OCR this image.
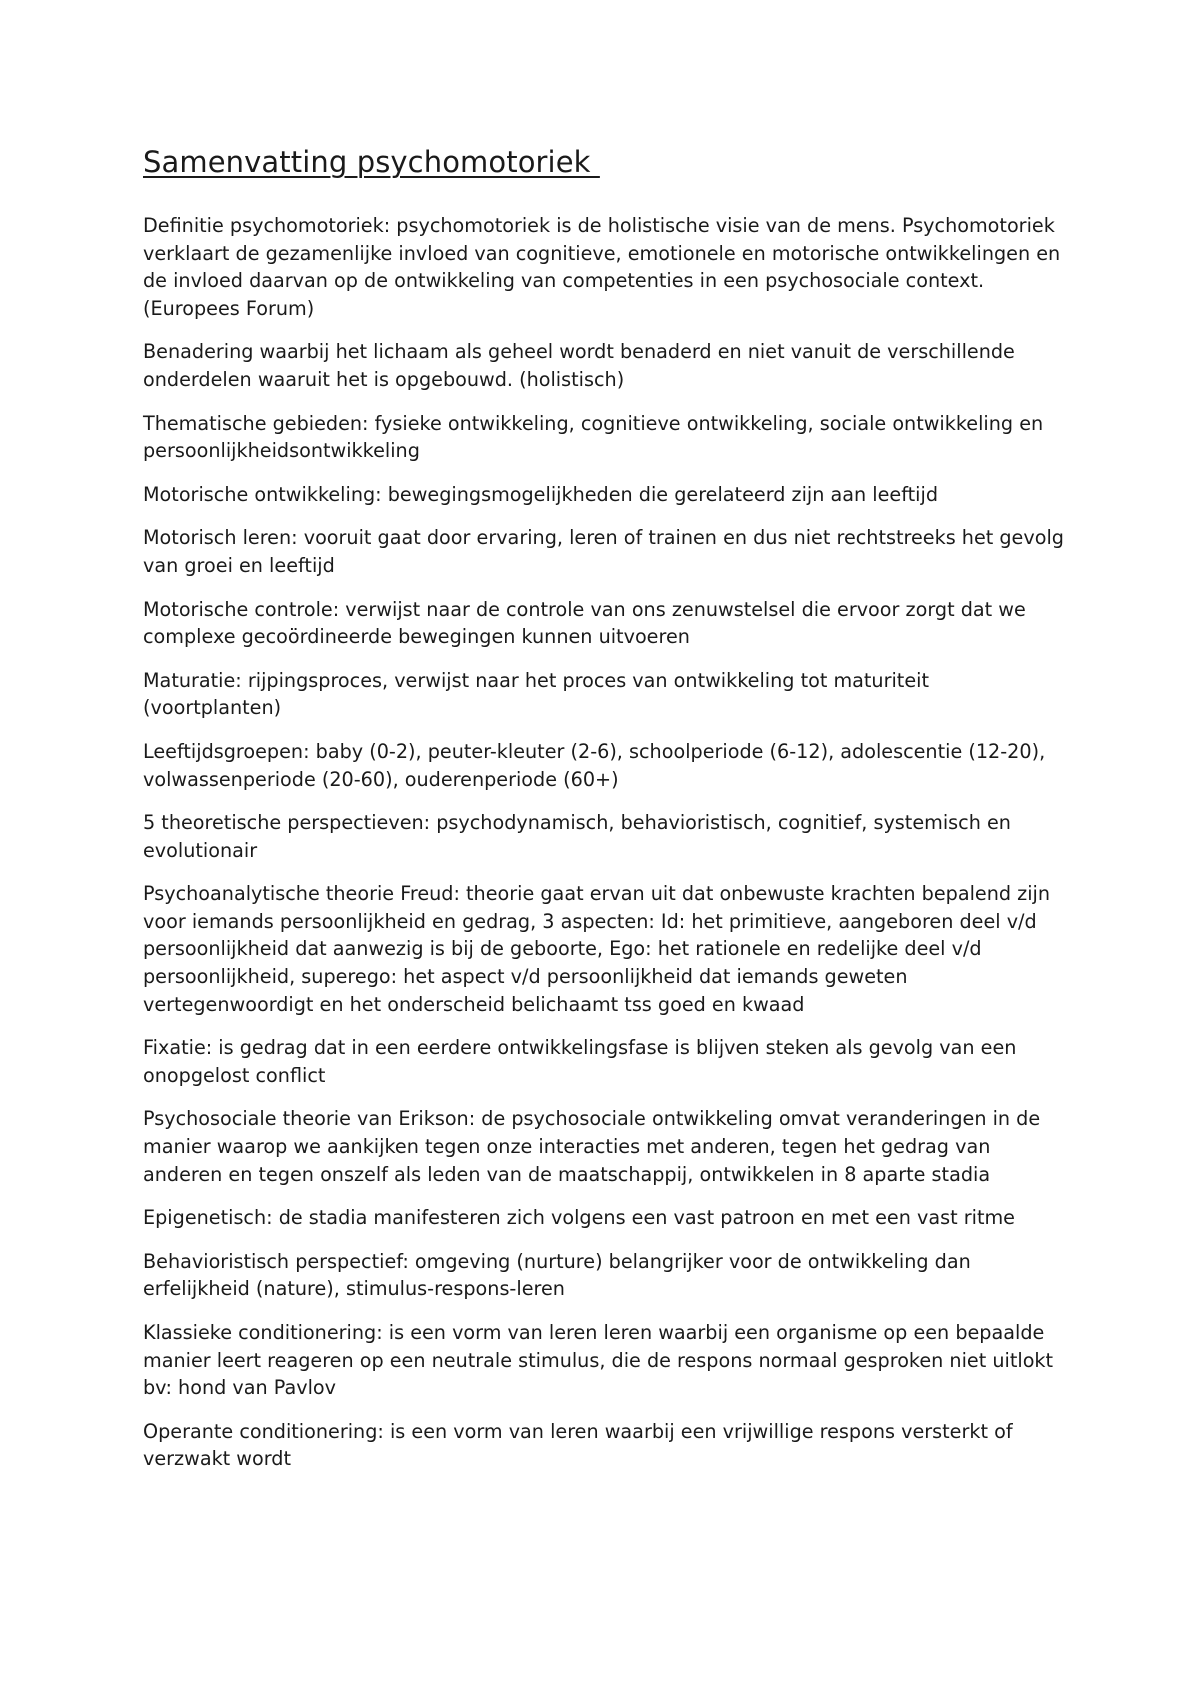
Samenvatting psychomotoriek

Definitie psychomotoriek: psychomotoriek is de holistische visie van de mens. Psychomotoriek verklaart de gezamenlijke invloed van cognitieve, emotionele en motorische ontwikkelingen en de invloed daarvan op de ontwikkeling van competenties in een psychosociale context. (Europees Forum)

Benadering waarbij het lichaam als geheel wordt benaderd en niet vanuit de verschillende onderdelen waaruit het is opgebouwd. (holistisch)

Thematische gebieden: fysieke ontwikkeling, cognitieve ontwikkeling, sociale ontwikkeling en persoonlijkheidsontwikkeling

Motorische ontwikkeling: bewegingsmogelijkheden die gerelateerd zijn aan leeftijd

Motorisch leren: vooruit gaat door ervaring, leren of trainen en dus niet rechtstreeks het gevolg van groei en leeftijd

Motorische controle: verwijst naar de controle van ons zenuwstelsel die ervoor zorgt dat we complexe gecoördineerde bewegingen kunnen uitvoeren

Maturatie: rijpingsproces, verwijst naar het proces van ontwikkeling tot maturiteit (voortplanten)

Leeftijdsgroepen: baby (0-2), peuter-kleuter (2-6), schoolperiode (6-12), adolescentie (12-20), volwassenperiode (20-60), ouderenperiode (60+)

5 theoretische perspectieven: psychodynamisch, behavioristisch, cognitief, systemisch en evolutionair

Psychoanalytische theorie Freud: theorie gaat ervan uit dat onbewuste krachten bepalend zijn voor iemands persoonlijkheid en gedrag, 3 aspecten: Id: het primitieve, aangeboren deel v/d persoonlijkheid dat aanwezig is bij de geboorte, Ego: het rationele en redelijke deel v/d persoonlijkheid, superego: het aspect v/d persoonlijkheid dat iemands geweten vertegenwoordigt en het onderscheid belichaamt tss goed en kwaad

Fixatie: is gedrag dat in een eerdere ontwikkelingsfase is blijven steken als gevolg van een onopgelost conflict

Psychosociale theorie van Erikson: de psychosociale ontwikkeling omvat veranderingen in de manier waarop we aankijken tegen onze interacties met anderen, tegen het gedrag van anderen en tegen onszelf als leden van de maatschappij, ontwikkelen in 8 aparte stadia

Epigenetisch: de stadia manifesteren zich volgens een vast patroon en met een vast ritme

Behavioristisch perspectief: omgeving (nurture) belangrijker voor de ontwikkeling dan erfelijkheid (nature), stimulus-respons-leren

Klassieke conditionering: is een vorm van leren leren waarbij een organisme op een bepaalde manier leert reageren op een neutrale stimulus, die de respons normaal gesproken niet uitlokt bv: hond van Pavlov

Operante conditionering: is een vorm van leren waarbij een vrijwillige respons versterkt of verzwakt wordt
